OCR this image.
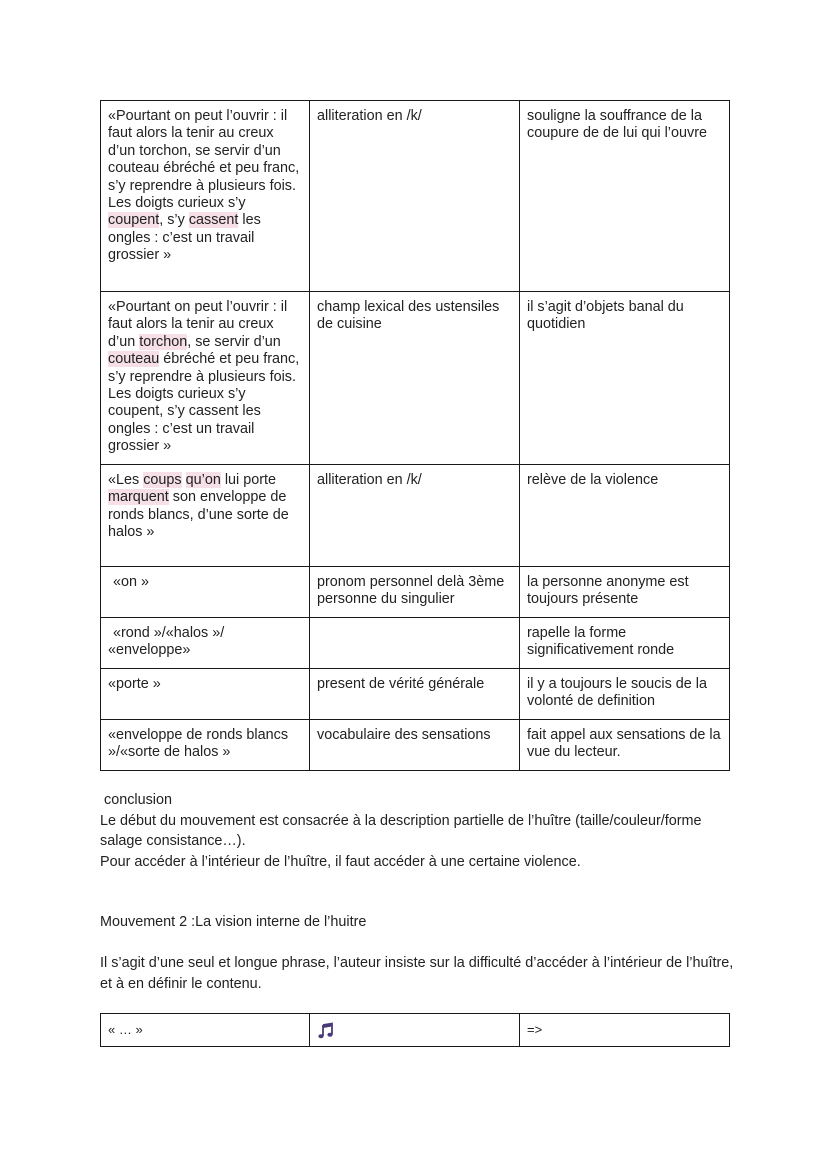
«Pourtant on peut l’ouvrir : il faut alors la tenir au creux d’un torchon, se servir d’un couteau ébréché et peu franc, s’y reprendre à plusieurs fois. Les doigts curieux s’y coupent, s’y cassent les ongles : c’est un travail grossier »	alliteration en /k/	souligne la souffrance de la coupure de de lui qui l’ouvre
«Pourtant on peut l’ouvrir : il faut alors la tenir au creux d’un torchon, se servir d’un couteau ébréché et peu franc, s’y reprendre à plusieurs fois. Les doigts curieux s’y coupent, s’y cassent les ongles : c’est un travail grossier »	champ lexical des ustensiles de cuisine	il s’agit d’objets banal du quotidien
«Les coups qu’on lui porte marquent son enveloppe de ronds blancs, d’une sorte de halos »	alliteration en /k/	relève de la violence
«on »	pronom personnel delà 3ème personne du singulier	la personne anonyme est toujours présente
«rond »/«halos »/ «enveloppe»		rapelle la forme significativement ronde
«porte »	present de vérité générale	il y a toujours le soucis de la volonté de definition
«enveloppe de ronds blancs »/«sorte de halos »	vocabulaire des sensations	fait appel aux sensations de la vue du lecteur.
conclusion
Le début du mouvement est consacrée à la description partielle de l’huître (taille/couleur/forme salage consistance…).
Pour accéder à l’intérieur de l’huître, il faut accéder à une certaine violence.
Mouvement 2 :La vision interne de l’huitre
Il s’agit d’une seul et longue phrase, l’auteur insiste sur la difficulté d’accéder à l’intérieur de l’huître, et à en définir le contenu.
« … »		=>
